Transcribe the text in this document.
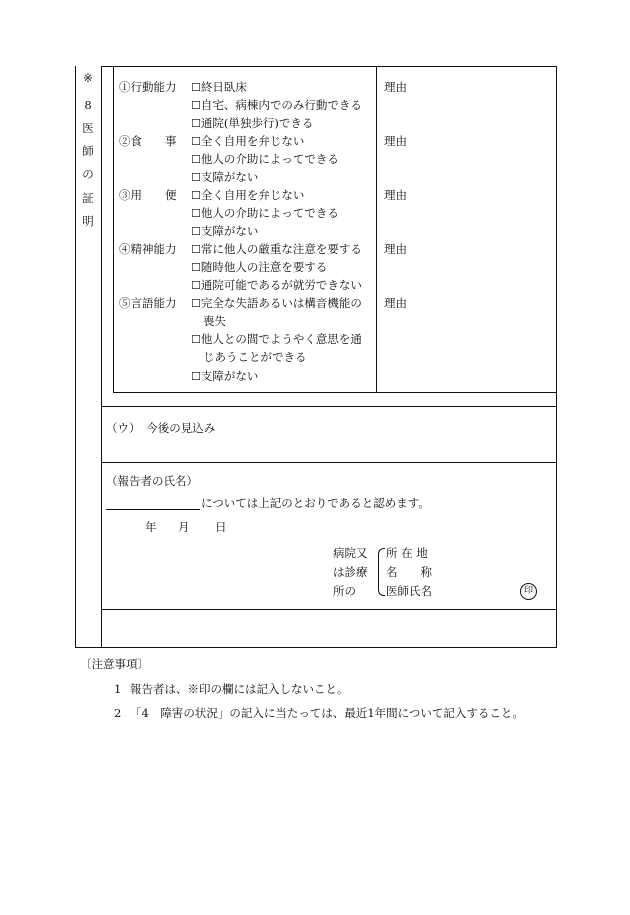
※
8
医
師
の
証
明
①行動能力 ☐終日臥床
☐自宅、病棟内でのみ行動できる
☐通院(単独歩行)できる
理由
②食　　事 ☐全く自用を弁じない
☐他人の介助によってできる
☐支障がない
理由
③用　　便 ☐全く自用を弁じない
☐他人の介助によってできる
☐支障がない
理由
④精神能力 ☐常に他人の厳重な注意を要する
☐随時他人の注意を要する
☐通院可能であるが就労できない
理由
⑤言語能力 ☐完全な失語あるいは構音機能の
喪失
☐他人との間でようやく意思を通
じあうことができる
☐支障がない
理由
（ウ）　今後の見込み
（報告者の氏名）
については上記のとおりであると認めます。
年 月 日
病院又
は診療
所の
所 在 地
名　　称
医師氏名	印
〔注意事項〕
1 報告者は、※印の欄には記入しないこと。
2 「4　障害の状況」の記入に当たっては、最近1年間について記入すること。
